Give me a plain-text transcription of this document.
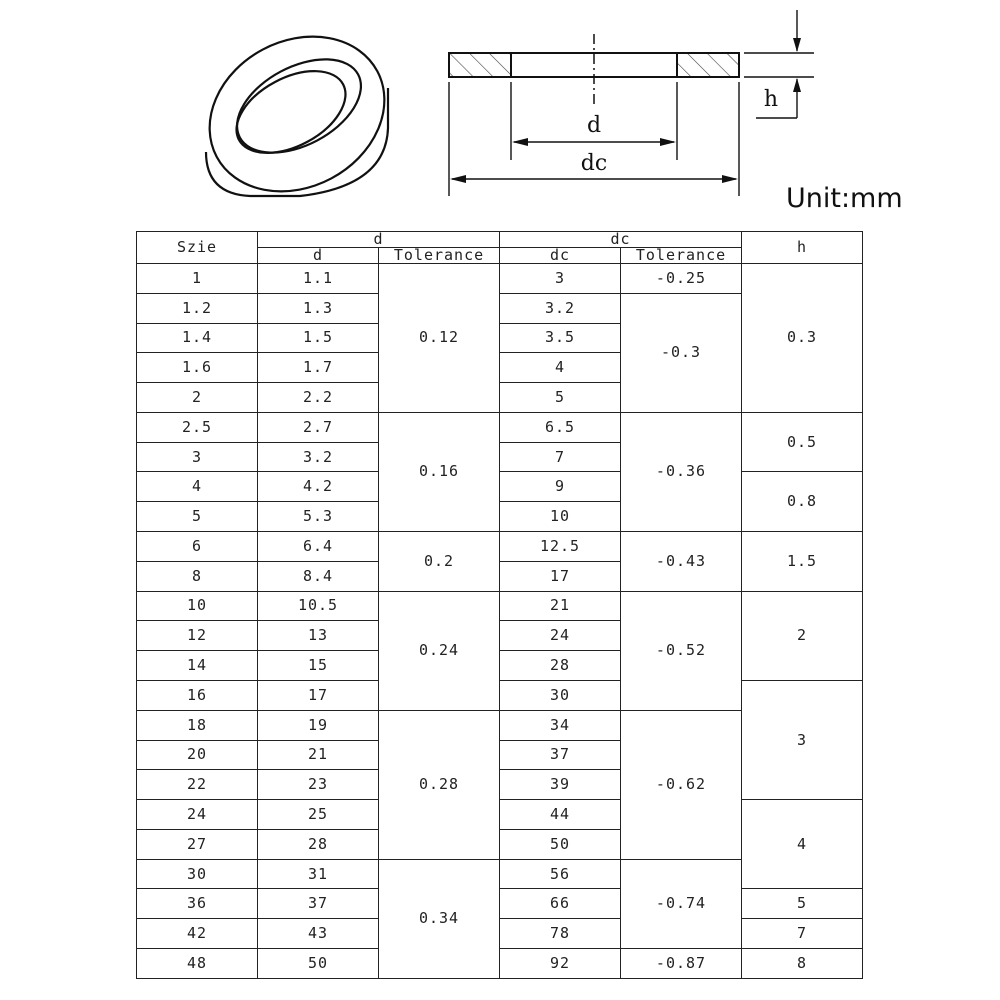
d
dc
h
Unit:mm
Szie	d		dc		h
	d	Tolerance	dc	Tolerance	
1	1.1	0.12	3	-0.25	0.3
1.2	1.3		3.2	-0.3	
1.4	1.5		3.5		
1.6	1.7		4		
2	2.2		5		
2.5	2.7	0.16	6.5	-0.36	0.5
3	3.2		7		
4	4.2		9		0.8
5	5.3		10		
6	6.4	0.2	12.5	-0.43	1.5
8	8.4		17		
10	10.5	0.24	21	-0.52	2
12	13		24		
14	15		28		
16	17		30		3
18	19	0.28	34	-0.62	
20	21		37		
22	23		39		
24	25		44		4
27	28		50		
30	31	0.34	56	-0.74	
36	37		66		5
42	43		78		7
48	50		92	-0.87	8
